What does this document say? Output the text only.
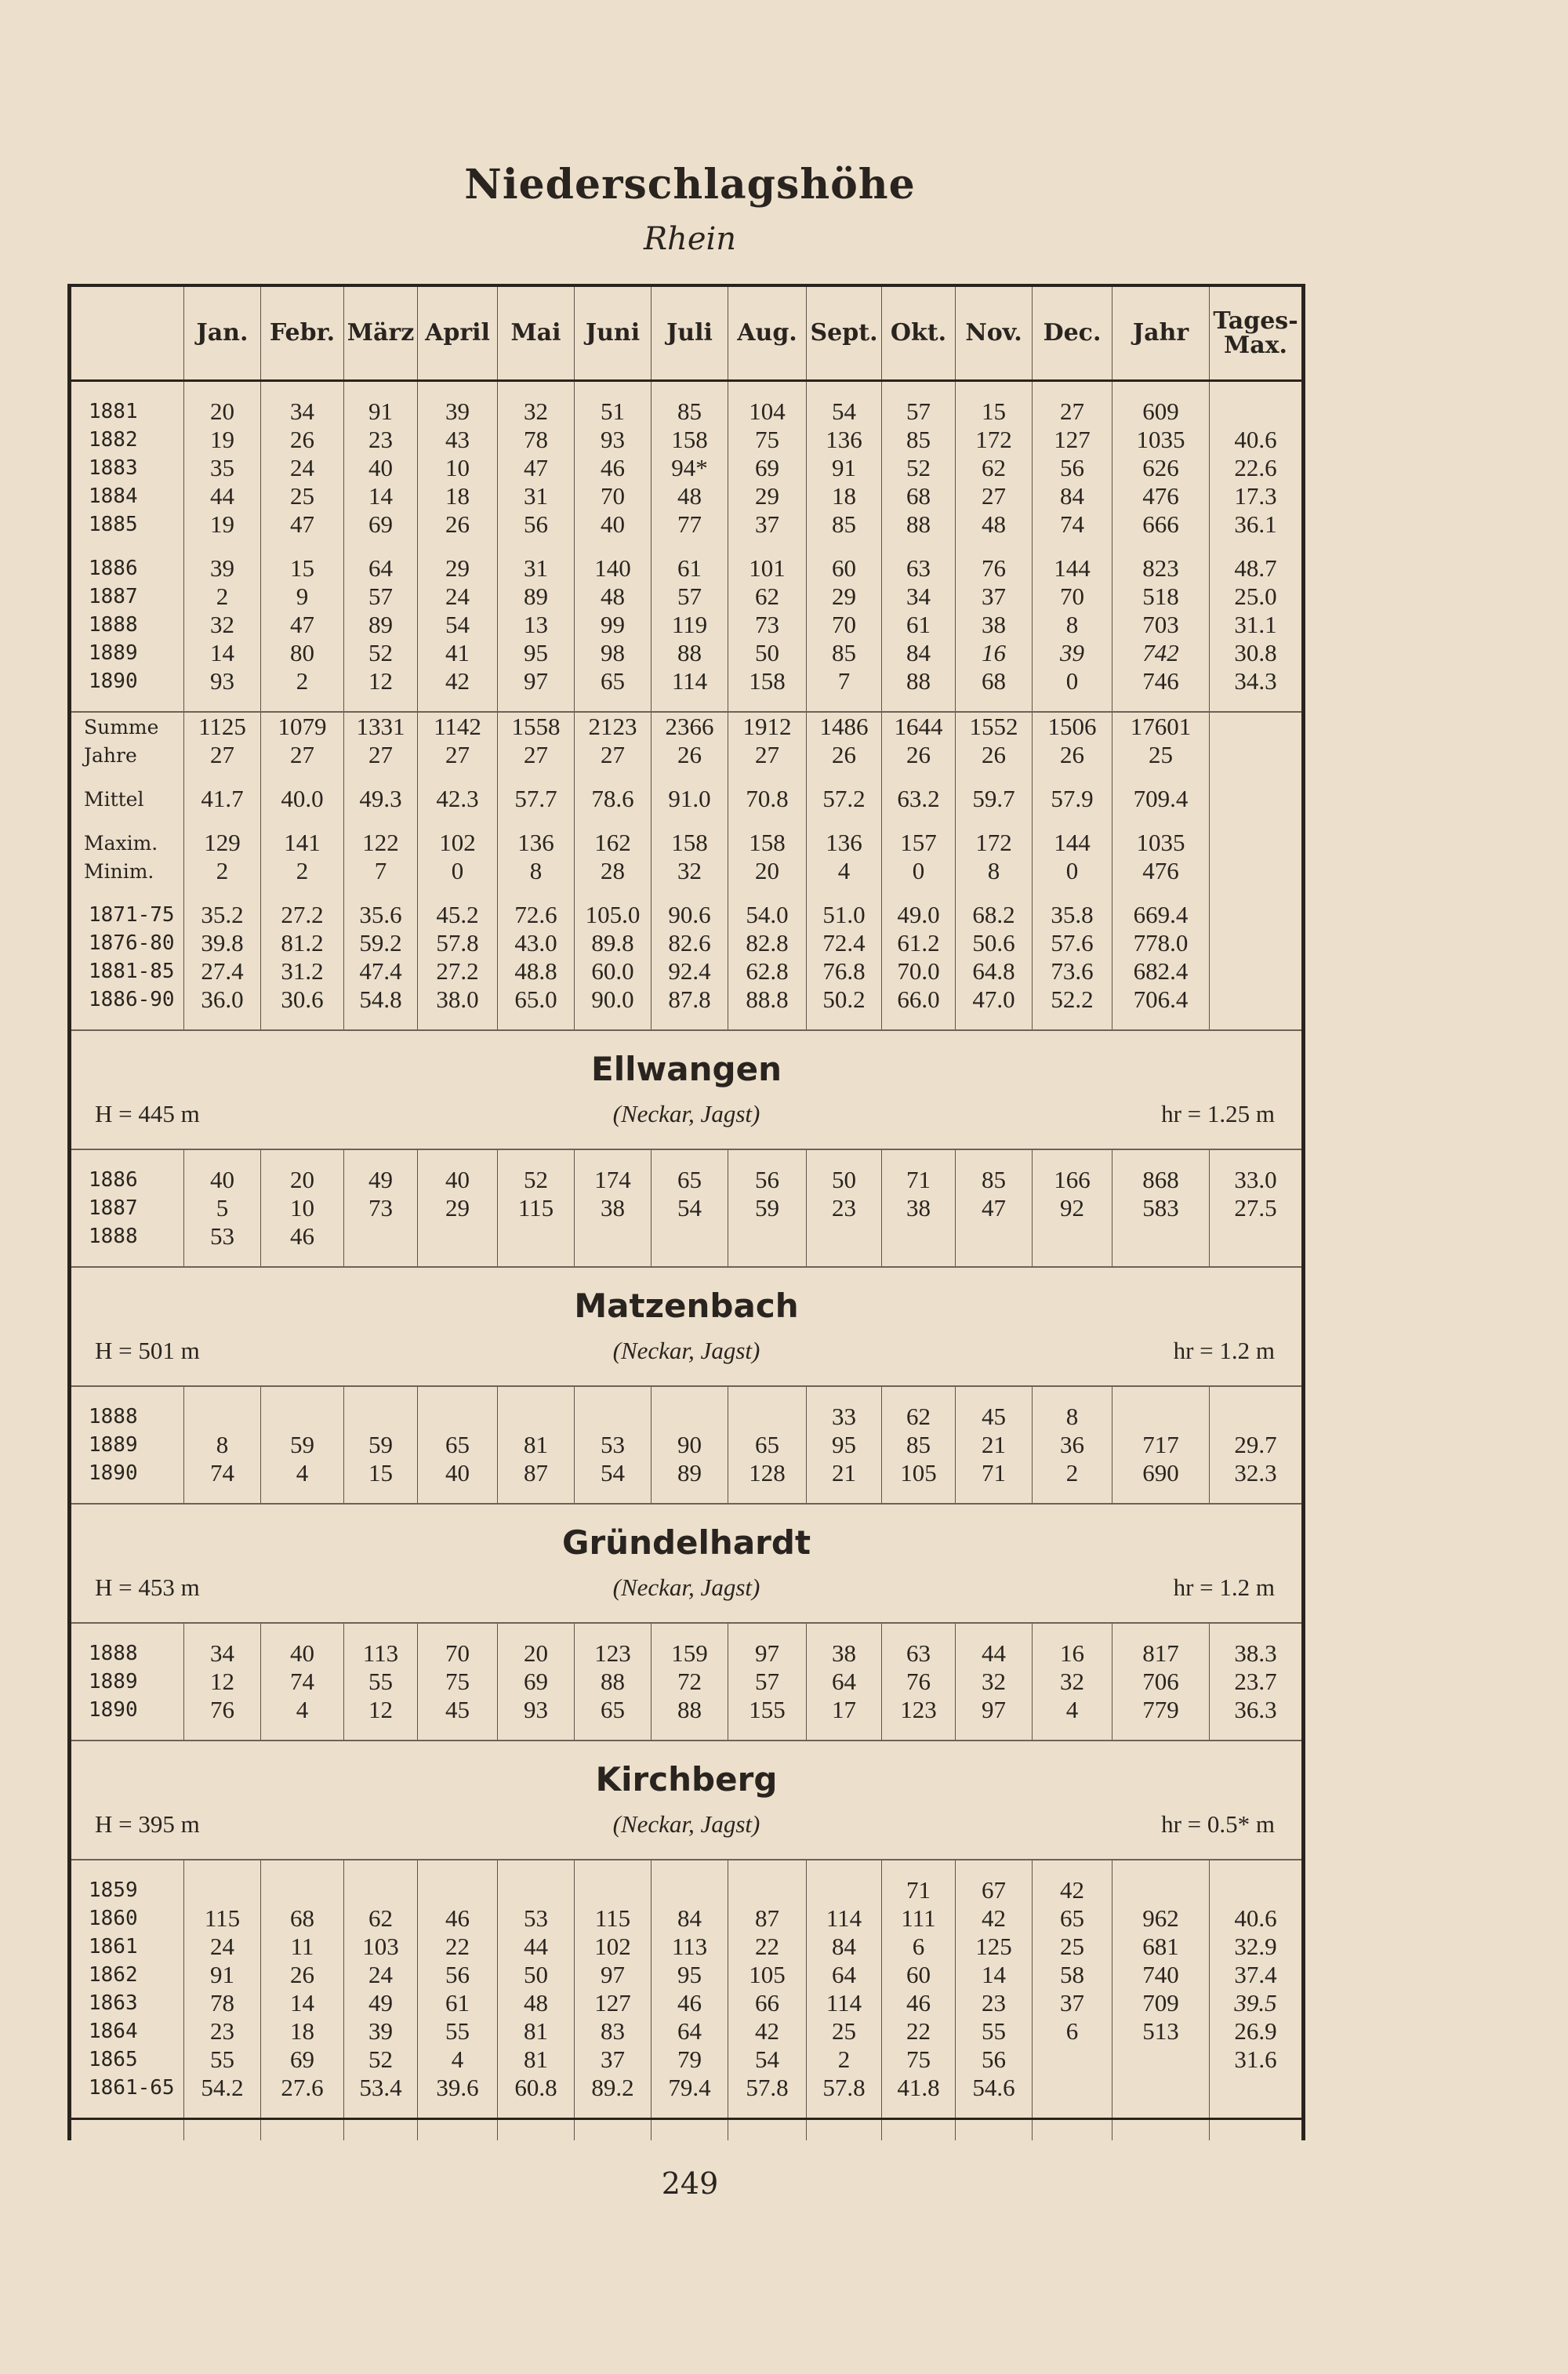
Niederschlagshöhe
Rhein
	Jan.	Febr.	März	April	Mai	Juni	Juli	Aug.	Sept.	Okt.	Nov.	Dec.	Jahr	Tages-Max.

1881	20	34	91	39	32	51	85	104	54	57	15	27	609	
1882	19	26	23	43	78	93	158	75	136	85	172	127	1035	40.6
1883	35	24	40	10	47	46	94*	69	91	52	62	56	626	22.6
1884	44	25	14	18	31	70	48	29	18	68	27	84	476	17.3
1885	19	47	69	26	56	40	77	37	85	88	48	74	666	36.1

1886	39	15	64	29	31	140	61	101	60	63	76	144	823	48.7
1887	2	9	57	24	89	48	57	62	29	34	37	70	518	25.0
1888	32	47	89	54	13	99	119	73	70	61	38	8	703	31.1
1889	14	80	52	41	95	98	88	50	85	84	16	39	742	30.8
1890	93	2	12	42	97	65	114	158	7	88	68	0	746	34.3

Summe	1125	1079	1331	1142	1558	2123	2366	1912	1486	1644	1552	1506	17601	
Jahre	27	27	27	27	27	27	26	27	26	26	26	26	25	

Mittel	41.7	40.0	49.3	42.3	57.7	78.6	91.0	70.8	57.2	63.2	59.7	57.9	709.4	

Maxim.	129	141	122	102	136	162	158	158	136	157	172	144	1035	
Minim.	2	2	7	0	8	28	32	20	4	0	8	0	476	

1871-75	35.2	27.2	35.6	45.2	72.6	105.0	90.6	54.0	51.0	49.0	68.2	35.8	669.4	
1876-80	39.8	81.2	59.2	57.8	43.0	89.8	82.6	82.8	72.4	61.2	50.6	57.6	778.0	
1881-85	27.4	31.2	47.4	27.2	48.8	60.0	92.4	62.8	76.8	70.0	64.8	73.6	682.4	
1886-90	36.0	30.6	54.8	38.0	65.0	90.0	87.8	88.8	50.2	66.0	47.0	52.2	706.4	

Ellwangen
(Neckar, Jagst)
H = 445 m hr = 1.25 m														

1886	40	20	49	40	52	174	65	56	50	71	85	166	868	33.0
1887	5	10	73	29	115	38	54	59	23	38	47	92	583	27.5
1888	53	46												

Matzenbach
(Neckar, Jagst)
H = 501 m hr = 1.2 m														

1888									33	62	45	8		
1889	8	59	59	65	81	53	90	65	95	85	21	36	717	29.7
1890	74	4	15	40	87	54	89	128	21	105	71	2	690	32.3

Gründelhardt
(Neckar, Jagst)
H = 453 m hr = 1.2 m														

1888	34	40	113	70	20	123	159	97	38	63	44	16	817	38.3
1889	12	74	55	75	69	88	72	57	64	76	32	32	706	23.7
1890	76	4	12	45	93	65	88	155	17	123	97	4	779	36.3

Kirchberg
(Neckar, Jagst)
H = 395 m hr = 0.5* m														

1859										71	67	42		
1860	115	68	62	46	53	115	84	87	114	111	42	65	962	40.6
1861	24	11	103	22	44	102	113	22	84	6	125	25	681	32.9
1862	91	26	24	56	50	97	95	105	64	60	14	58	740	37.4
1863	78	14	49	61	48	127	46	66	114	46	23	37	709	39.5
1864	23	18	39	55	81	83	64	42	25	22	55	6	513	26.9
1865	55	69	52	4	81	37	79	54	2	75	56			31.6
1861-65	54.2	27.6	53.4	39.6	60.8	89.2	79.4	57.8	57.8	41.8	54.6			

249
